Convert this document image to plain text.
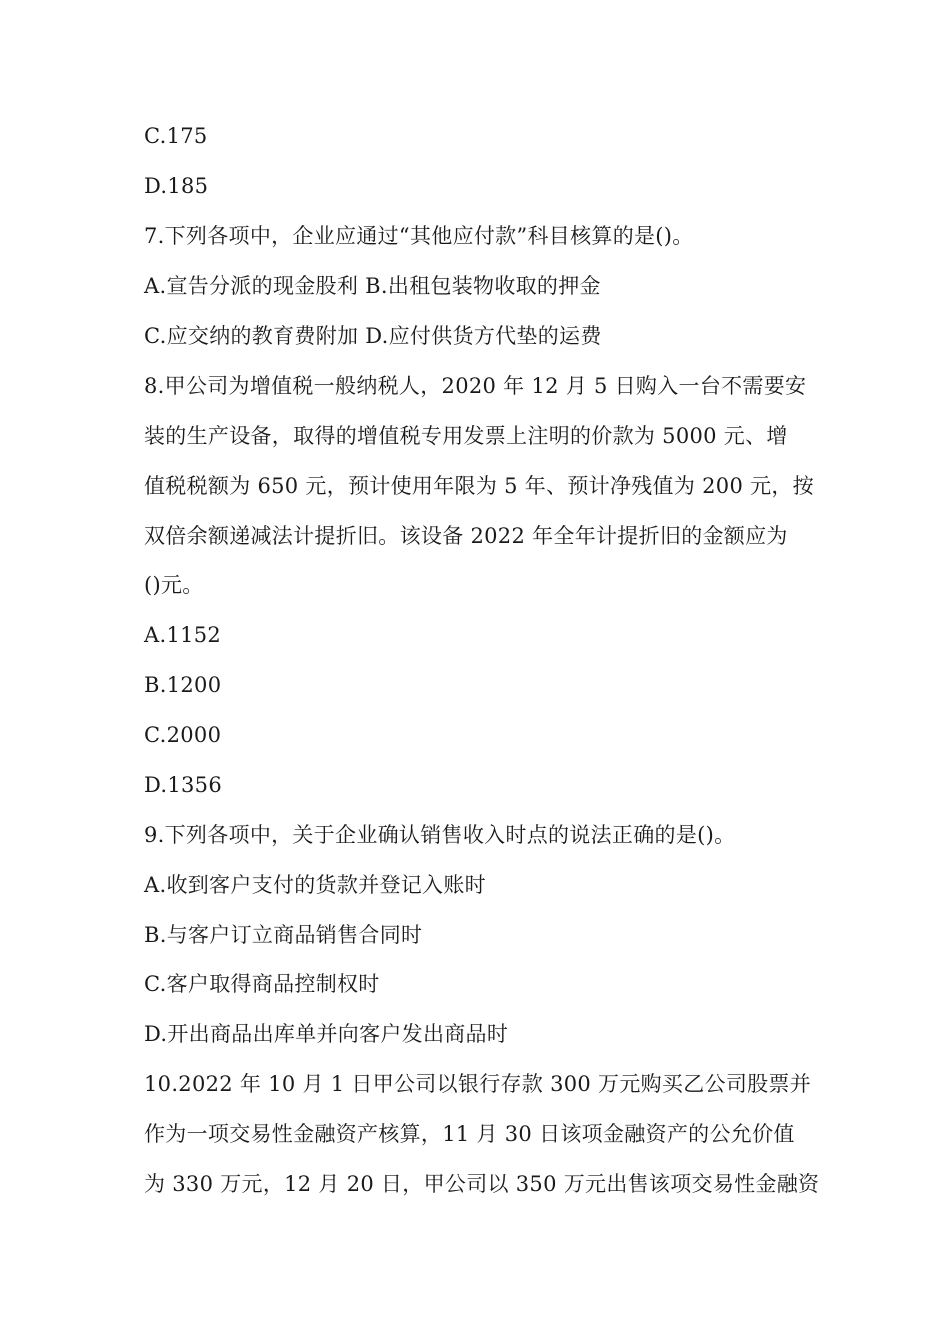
C.175
D.185
7.下列各项中，企业应通过“其他应付款”科目核算的是()。
A.宣告分派的现金股利 B.出租包装物收取的押金
C.应交纳的教育费附加 D.应付供货方代垫的运费
8.甲公司为增值税一般纳税人，2020 年 12 月 5 日购入一台不需要安
装的生产设备，取得的增值税专用发票上注明的价款为 5000 元、增
值税税额为 650 元，预计使用年限为 5 年、预计净残值为 200 元，按
双倍余额递减法计提折旧。该设备 2022 年全年计提折旧的金额应为
()元。
A.1152
B.1200
C.2000
D.1356
9.下列各项中，关于企业确认销售收入时点的说法正确的是()。
A.收到客户支付的货款并登记入账时
B.与客户订立商品销售合同时
C.客户取得商品控制权时
D.开出商品出库单并向客户发出商品时
10.2022 年 10 月 1 日甲公司以银行存款 300 万元购买乙公司股票并
作为一项交易性金融资产核算，11 月 30 日该项金融资产的公允价值
为 330 万元，12 月 20 日，甲公司以 350 万元出售该项交易性金融资
